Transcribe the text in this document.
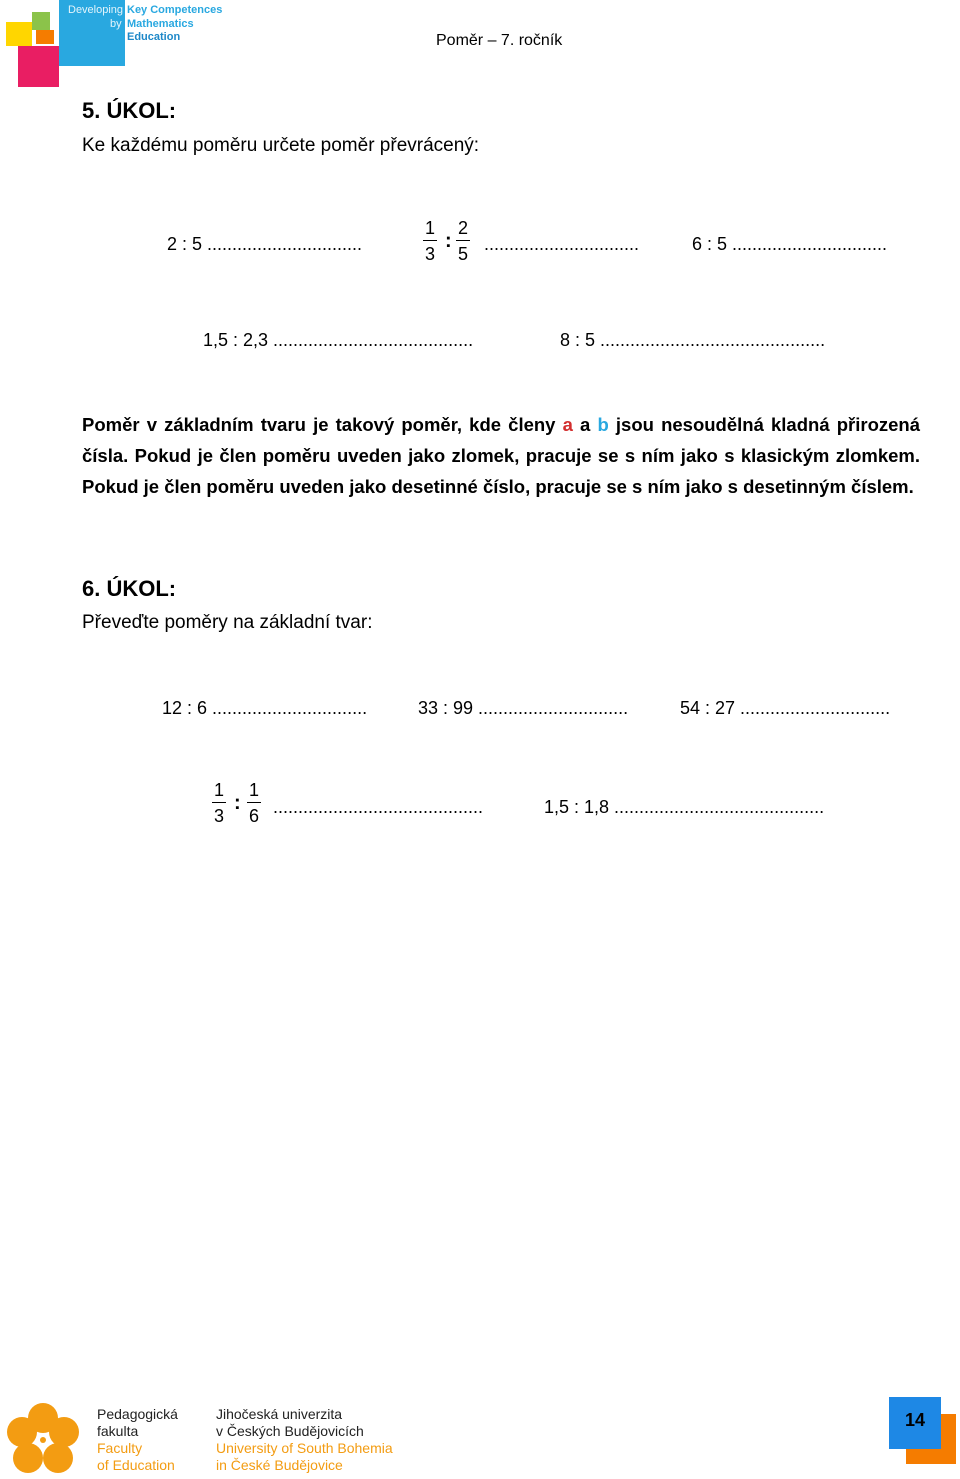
Developing
by
Key Competences
Mathematics
Education	Poměr – 7. ročník
5. ÚKOL:
Ke každému poměru určete poměr převrácený:
2 : 5 ...............................	$\frac{1}{3}$ : $\frac{2}{5}$ ...............................	6 : 5 ...............................
1,5 : 2,3 ........................................	8 : 5 .............................................
Poměr v základním tvaru je takový poměr, kde členy a a b jsou nesoudělná kladná přirozená čísla. Pokud je člen poměru uveden jako zlomek, pracuje se s ním jako s klasickým zlomkem. Pokud je člen poměru uveden jako desetinné číslo, pracuje se s ním jako s desetinným číslem.
6. ÚKOL:
Převeďte poměry na základní tvar:
12 : 6 ...............................	33 : 99 ..............................	54 : 27 ..............................
$\frac{1}{3}$ : $\frac{1}{6}$ ..........................................	1,5 : 1,8 ..........................................
Pedagogická
fakulta
Faculty
of Education
Jihočeská univerzita
v Českých Budějovicích
University of South Bohemia
in České Budějovice
14
